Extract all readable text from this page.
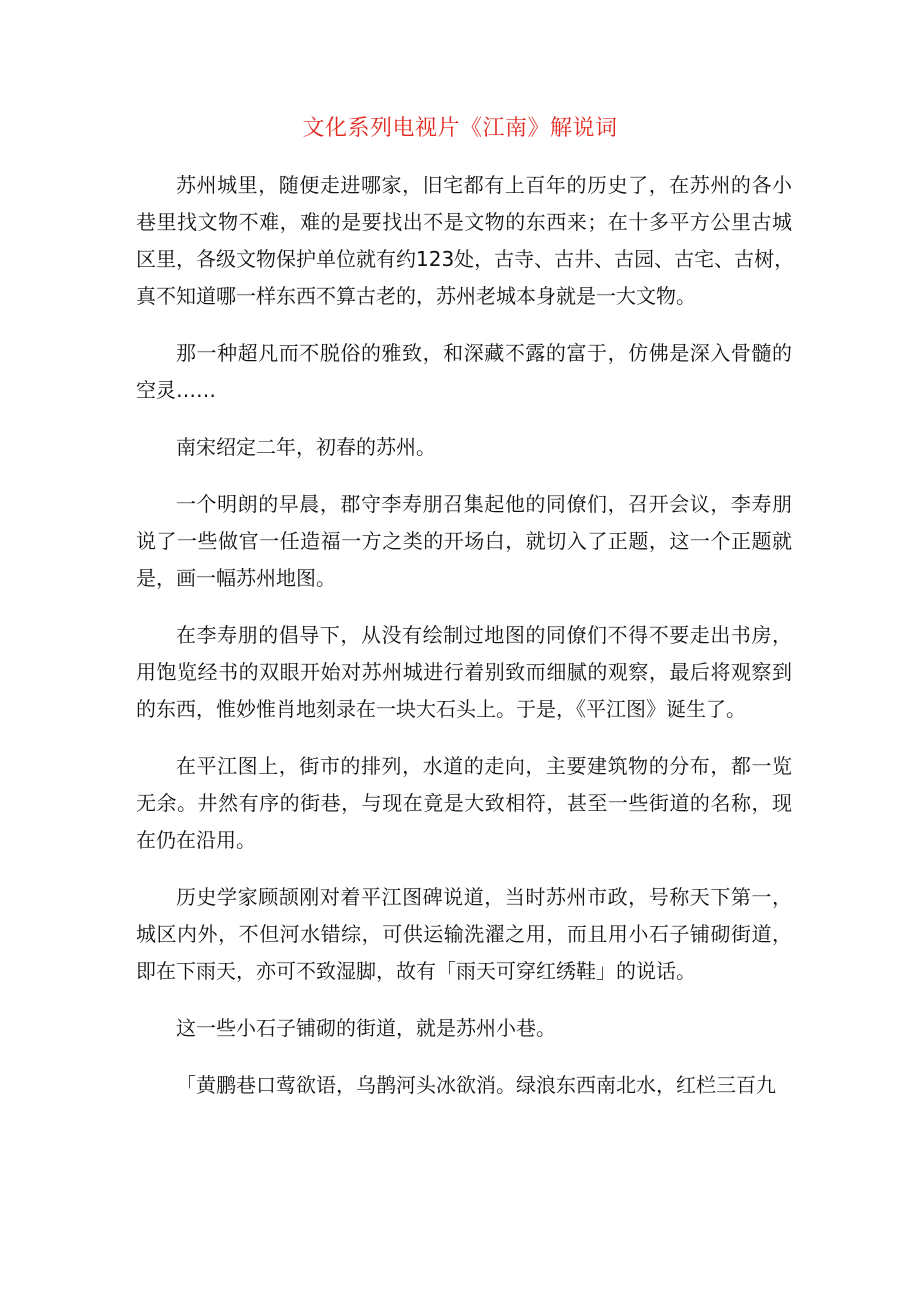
文化系列电视片《江南》解说词
苏州城里，随便走进哪家，旧宅都有上百年的历史了，在苏州的各小
巷里找文物不难，难的是要找出不是文物的东西来；在十多平方公里古城
区里，各级文物保护单位就有约123处，古寺、古井、古园、古宅、古树，
真不知道哪一样东西不算古老的，苏州老城本身就是一大文物。
那一种超凡而不脱俗的雅致，和深藏不露的富于，仿佛是深入骨髓的
空灵……
南宋绍定二年，初春的苏州。
一个明朗的早晨，郡守李寿朋召集起他的同僚们，召开会议，李寿朋
说了一些做官一任造福一方之类的开场白，就切入了正题，这一个正题就
是，画一幅苏州地图。
在李寿朋的倡导下，从没有绘制过地图的同僚们不得不要走出书房，
用饱览经书的双眼开始对苏州城进行着别致而细腻的观察，最后将观察到
的东西，惟妙惟肖地刻录在一块大石头上。于是，《平江图》诞生了。
在平江图上，街市的排列，水道的走向，主要建筑物的分布，都一览
无余。井然有序的街巷，与现在竟是大致相符，甚至一些街道的名称，现
在仍在沿用。
历史学家顾颉刚对着平江图碑说道，当时苏州市政，号称天下第一，
城区内外，不但河水错综，可供运输洗濯之用，而且用小石子铺砌街道，
即在下雨天，亦可不致湿脚，故有「雨天可穿红绣鞋」的说话。
这一些小石子铺砌的街道，就是苏州小巷。
「黄鹏巷口莺欲语，乌鹊河头冰欲消。绿浪东西南北水，红栏三百九
